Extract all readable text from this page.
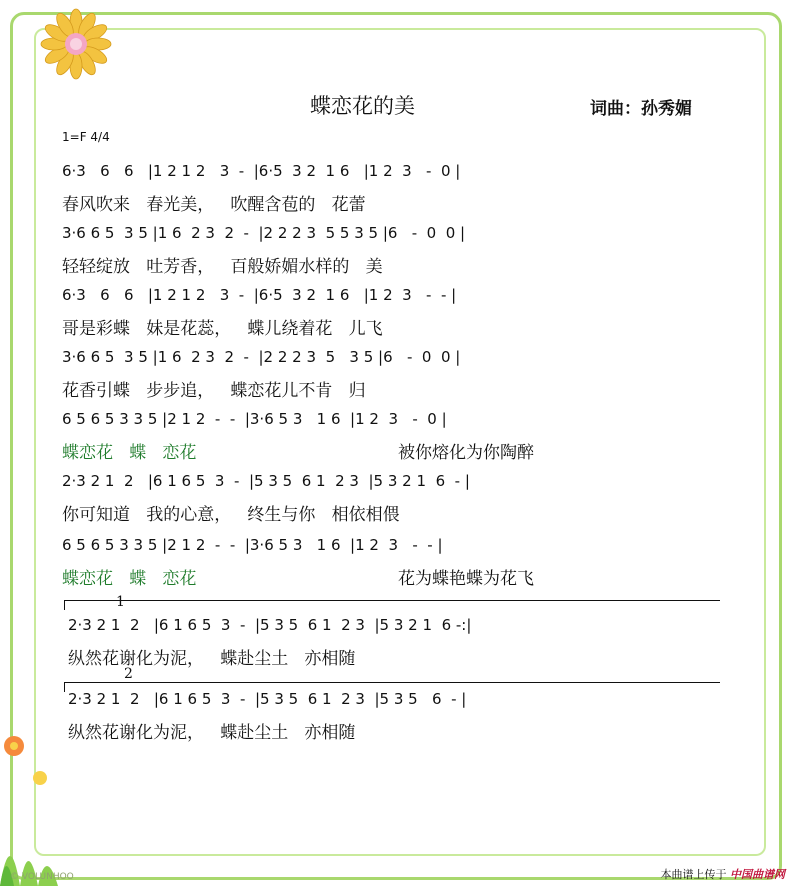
蝶恋花的美	词曲：孙秀媚
1=F 4/4
6·3   6   6   |1 2 1 2   3  -  |6·5  3 2  1 6   |1 2  3   -  0 |
春风吹来   春光美，   吹醒含苞的   花蕾
3·6 6 5  3 5 |1 6  2 3  2  -  |2 2 2 3  5 5 3 5 |6   -  0  0 |
轻轻绽放   吐芳香，   百般娇媚水样的   美
6·3   6   6   |1 2 1 2   3  -  |6·5  3 2  1 6   |1 2  3   -  - |
哥是彩蝶   妹是花蕊，   蝶儿绕着花   儿飞
3·6 6 5  3 5 |1 6  2 3  2  -  |2 2 2 3  5   3 5 |6   -  0  0 |
花香引蝶   步步追，   蝶恋花儿不肯   归
6 5 6 5 3 3 5 |2 1 2  -  -  |3·6 5 3   1 6  |1 2  3   -  0 |
蝶恋花   蝶   恋花	被你熔化为你陶醉
2·3 2 1  2   |6 1 6 5  3  -  |5 3 5  6 1  2 3  |5 3 2 1  6  - |
你可知道   我的心意，   终生与你   相依相偎
6 5 6 5 3 3 5 |2 1 2  -  -  |3·6 5 3   1 6  |1 2  3   -  - |
蝶恋花   蝶   恋花	花为蝶艳蝶为花飞
1
2·3 2 1  2   |6 1 6 5  3  -  |5 3 5  6 1  2 3  |5 3 2 1  6 -:|
纵然花谢化为泥，   蝶赴尘土   亦相随
2
2·3 2 1  2   |6 1 6 5  3  -  |5 3 5  6 1  2 3  |5 3 5   6  - |
纵然花谢化为泥，   蝶赴尘土   亦相随
© VOLUNHOO	本曲谱上传于 中国曲谱网
